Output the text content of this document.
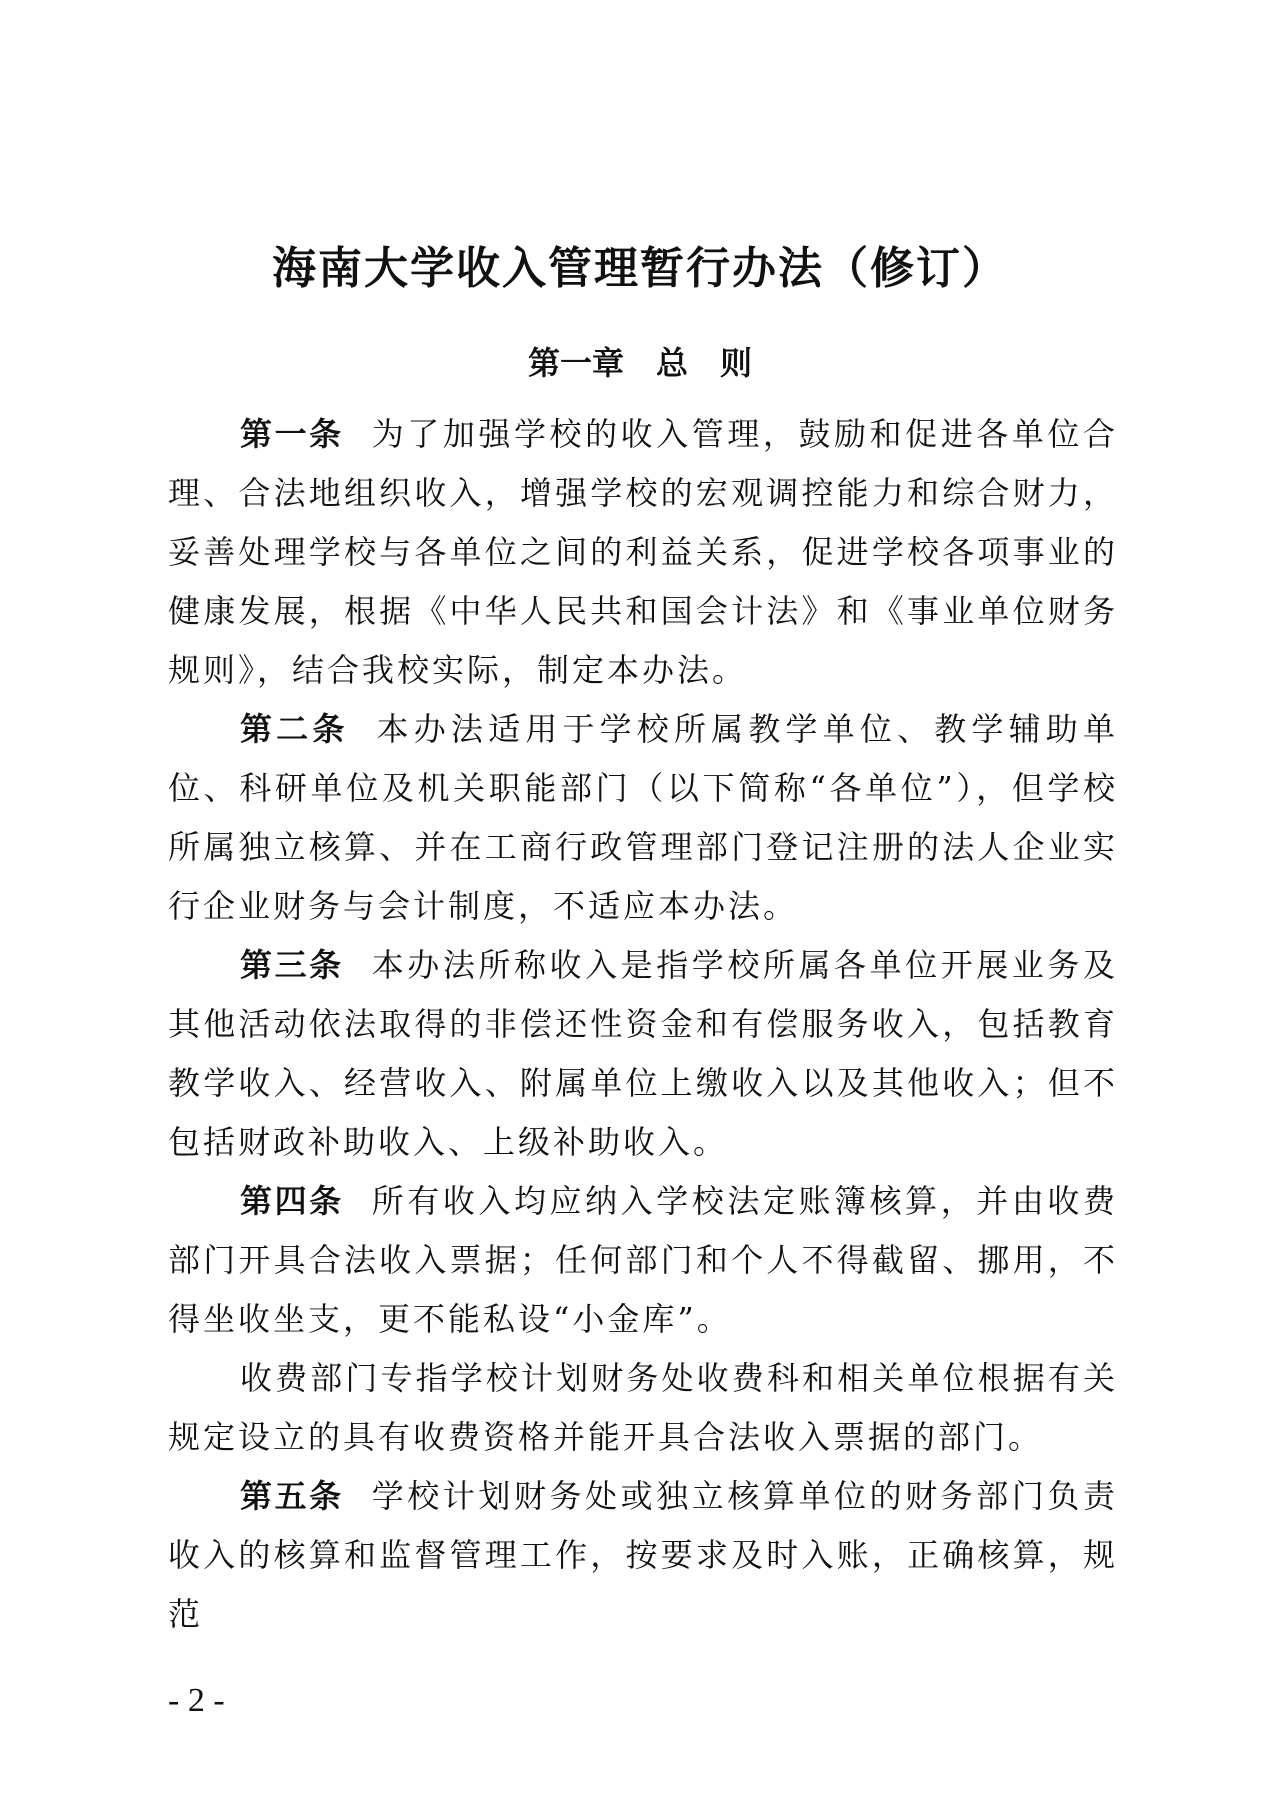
海南大学收入管理暂行办法（修订）
第一章 总　则

第一条 为了加强学校的收入管理，鼓励和促进各单位合理、合法地组织收入，增强学校的宏观调控能力和综合财力，妥善处理学校与各单位之间的利益关系，促进学校各项事业的健康发展，根据《中华人民共和国会计法》和《事业单位财务规则》，结合我校实际，制定本办法。

第二条 本办法适用于学校所属教学单位、教学辅助单位、科研单位及机关职能部门（以下简称“各单位”），但学校所属独立核算、并在工商行政管理部门登记注册的法人企业实行企业财务与会计制度，不适应本办法。

第三条 本办法所称收入是指学校所属各单位开展业务及其他活动依法取得的非偿还性资金和有偿服务收入，包括教育教学收入、经营收入、附属单位上缴收入以及其他收入；但不包括财政补助收入、上级补助收入。

第四条 所有收入均应纳入学校法定账簿核算，并由收费部门开具合法收入票据；任何部门和个人不得截留、挪用，不得坐收坐支，更不能私设“小金库”。

收费部门专指学校计划财务处收费科和相关单位根据有关规定设立的具有收费资格并能开具合法收入票据的部门。

第五条 学校计划财务处或独立核算单位的财务部门负责收入的核算和监督管理工作，按要求及时入账，正确核算，规范

- 2 -
